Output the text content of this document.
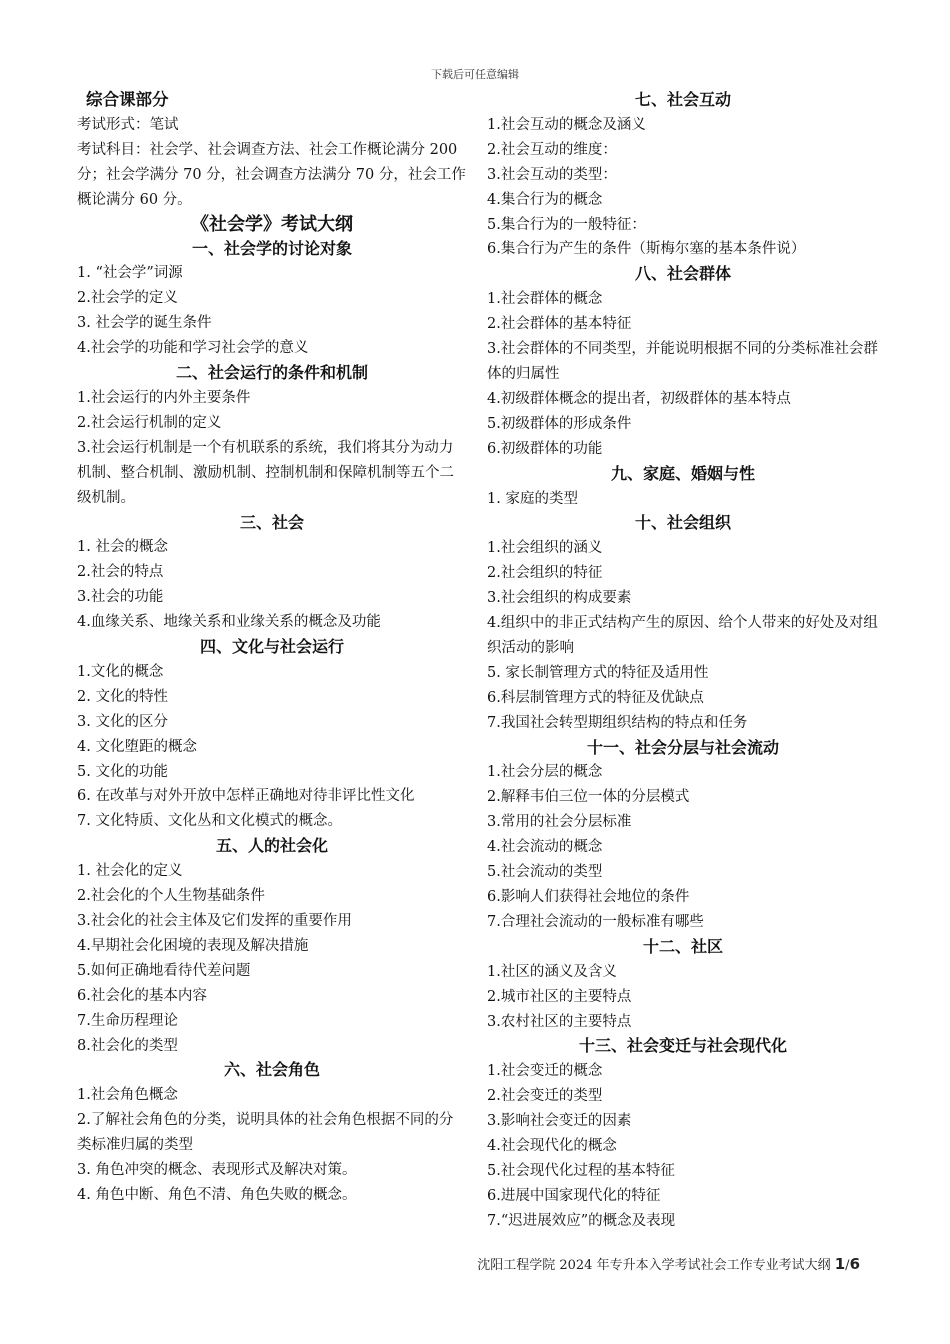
下载后可任意编辑
综合课部分
考试形式：笔试
考试科目：社会学、社会调查方法、社会工作概论满分 200 分；社会学满分 70 分，社会调查方法满分 70 分，社会工作概论满分 60 分。
《社会学》考试大纲
一、社会学的讨论对象
1. “社会学”词源
2.社会学的定义
3. 社会学的诞生条件
4.社会学的功能和学习社会学的意义
二、社会运行的条件和机制
1.社会运行的内外主要条件
2.社会运行机制的定义
3.社会运行机制是一个有机联系的系统，我们将其分为动力机制、整合机制、激励机制、控制机制和保障机制等五个二级机制。
三、社会
1. 社会的概念
2.社会的特点
3.社会的功能
4.血缘关系、地缘关系和业缘关系的概念及功能
四、文化与社会运行
1.文化的概念
2. 文化的特性
3. 文化的区分
4. 文化堕距的概念
5. 文化的功能
6. 在改革与对外开放中怎样正确地对待非评比性文化
7. 文化特质、文化丛和文化模式的概念。
五、人的社会化
1. 社会化的定义
2.社会化的个人生物基础条件
3.社会化的社会主体及它们发挥的重要作用
4.早期社会化困境的表现及解决措施
5.如何正确地看待代差问题
6.社会化的基本内容
7.生命历程理论
8.社会化的类型
六、社会角色
1.社会角色概念
2.了解社会角色的分类，说明具体的社会角色根据不同的分类标准归属的类型
3. 角色冲突的概念、表现形式及解决对策。
4. 角色中断、角色不清、角色失败的概念。
七、社会互动
1.社会互动的概念及涵义
2.社会互动的维度：
3.社会互动的类型：
4.集合行为的概念
5.集合行为的一般特征：
6.集合行为产生的条件（斯梅尔塞的基本条件说）
八、社会群体
1.社会群体的概念
2.社会群体的基本特征
3.社会群体的不同类型，并能说明根据不同的分类标准社会群体的归属性
4.初级群体概念的提出者，初级群体的基本特点
5.初级群体的形成条件
6.初级群体的功能
九、家庭、婚姻与性
1. 家庭的类型
十、社会组织
1.社会组织的涵义
2.社会组织的特征
3.社会组织的构成要素
4.组织中的非正式结构产生的原因、给个人带来的好处及对组织活动的影响
5. 家长制管理方式的特征及适用性
6.科层制管理方式的特征及优缺点
7.我国社会转型期组织结构的特点和任务
十一、社会分层与社会流动
1.社会分层的概念
2.解释韦伯三位一体的分层模式
3.常用的社会分层标准
4.社会流动的概念
5.社会流动的类型
6.影响人们获得社会地位的条件
7.合理社会流动的一般标准有哪些
十二、社区
1.社区的涵义及含义
2.城市社区的主要特点
3.农村社区的主要特点
十三、社会变迁与社会现代化
1.社会变迁的概念
2.社会变迁的类型
3.影响社会变迁的因素
4.社会现代化的概念
5.社会现代化过程的基本特征
6.进展中国家现代化的特征
7.“迟进展效应”的概念及表现
沈阳工程学院 2024 年专升本入学考试社会工作专业考试大纲 1/6
